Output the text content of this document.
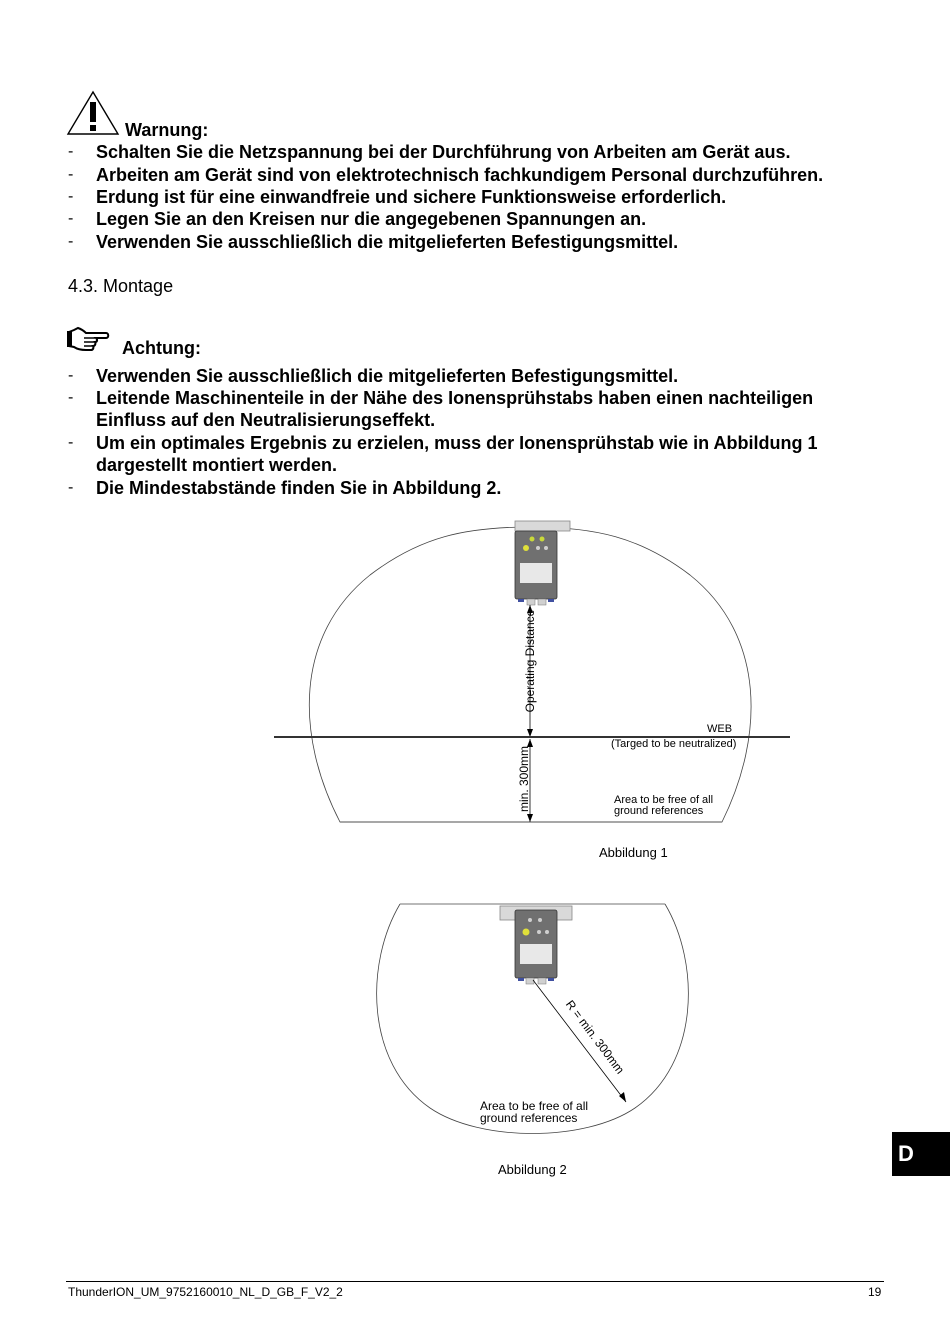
Warnung:
- Schalten Sie die Netzspannung bei der Durchführung von Arbeiten am Gerät aus.
- Arbeiten am Gerät sind von elektrotechnisch fachkundigem Personal durchzuführen.
- Erdung ist für eine einwandfreie und sichere Funktionsweise erforderlich.
- Legen Sie an den Kreisen nur die angegebenen Spannungen an.
- Verwenden Sie ausschließlich die mitgelieferten Befestigungsmittel.
4.3. Montage
Achtung:
- Verwenden Sie ausschließlich die mitgelieferten Befestigungsmittel.
- Leitende Maschinenteile in der Nähe des Ionensprühstabs haben einen nachteiligen
Einfluss auf den Neutralisierungseffekt.
- Um ein optimales Ergebnis zu erzielen, muss der Ionensprühstab wie in Abbildung 1
dargestellt montiert werden.
- Die Mindestabstände finden Sie in Abbildung 2.
Operating Distance
WEB
(Targed to be neutralized)
min. 300mm	Area to be free of all
ground references
Abbildung 1
R = min. 300mm
Area to be free of all
ground references
Abbildung 2
D
ThunderION_UM_9752160010_NL_D_GB_F_V2_2	19
